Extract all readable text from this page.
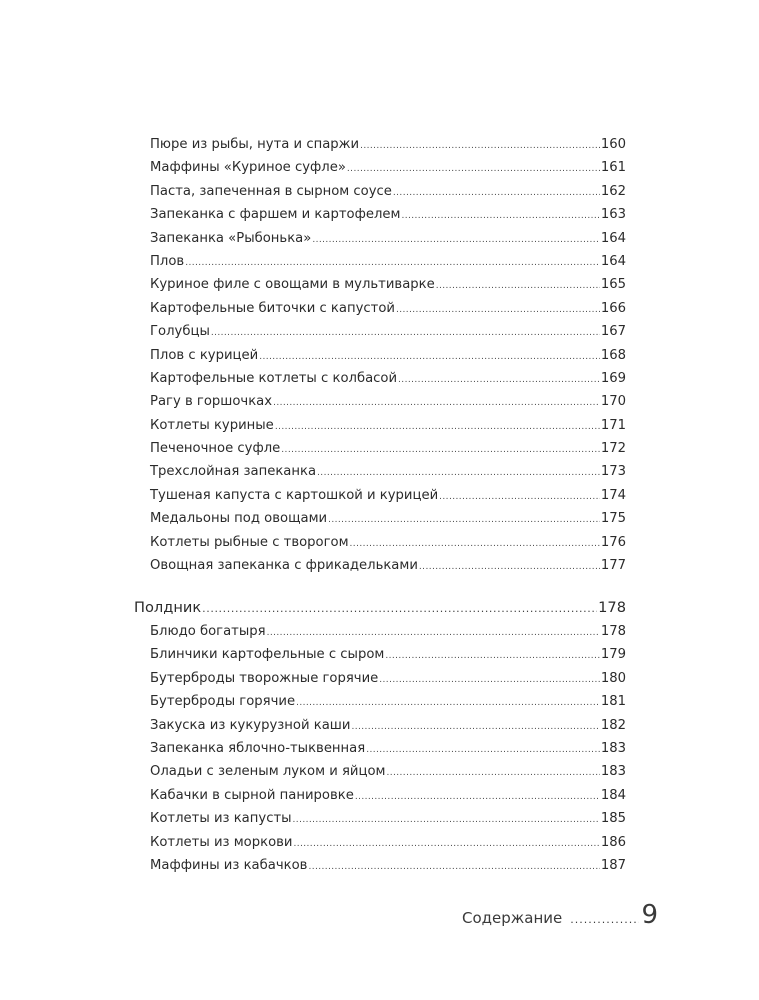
Пюре из рыбы, нута и спаржи .....	160
Маффины «Куриное суфле» .....	161
Паста, запеченная в сырном соусе .....	162
Запеканка с фаршем и картофелем .....	163
Запеканка «Рыбонька» .....	164
Плов .....	164
Куриное филе с овощами в мультиварке .....	165
Картофельные биточки с капустой .....	166
Голубцы .....	167
Плов с курицей .....	168
Картофельные котлеты с колбасой .....	169
Рагу в горшочках .....	170
Котлеты куриные .....	171
Печеночное суфле .....	172
Трехслойная запеканка .....	173
Тушеная капуста с картошкой и курицей .....	174
Медальоны под овощами .....	175
Котлеты рыбные с творогом .....	176
Овощная запеканка с фрикадельками .....	177
Полдник .....	178
Блюдо богатыря .....	178
Блинчики картофельные с сыром .....	179
Бутерброды творожные горячие .....	180
Бутерброды горячие .....	181
Закуска из кукурузной каши .....	182
Запеканка яблочно-тыквенная .....	183
Оладьи с зеленым луком и яйцом .....	183
Кабачки в сырной панировке .....	184
Котлеты из капусты .....	185
Котлеты из моркови .....	186
Маффины из кабачков .....	187
Содержание .....	9
